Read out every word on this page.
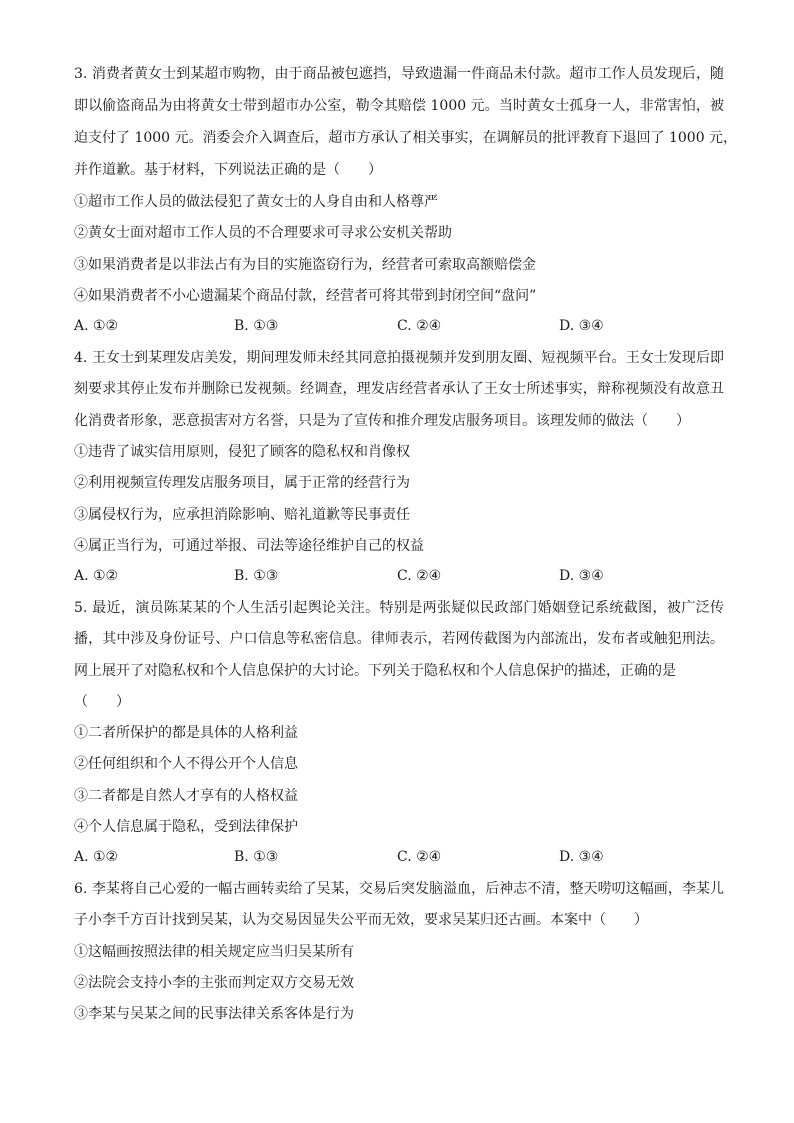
3. 消费者黄女士到某超市购物，由于商品被包遮挡，导致遗漏一件商品未付款。超市工作人员发现后，随
即以偷盗商品为由将黄女士带到超市办公室，勒令其赔偿 1000 元。当时黄女士孤身一人，非常害怕，被
迫支付了 1000 元。消委会介入调查后，超市方承认了相关事实，在调解员的批评教育下退回了 1000 元，
并作道歉。基于材料，下列说法正确的是（　　）
①超市工作人员的做法侵犯了黄女士的人身自由和人格尊严
②黄女士面对超市工作人员的不合理要求可寻求公安机关帮助
③如果消费者是以非法占有为目的实施盗窃行为，经营者可索取高额赔偿金
④如果消费者不小心遗漏某个商品付款，经营者可将其带到封闭空间“盘问”
A. ①②	B. ①③	C. ②④	D. ③④
4. 王女士到某理发店美发，期间理发师未经其同意拍摄视频并发到朋友圈、短视频平台。王女士发现后即
刻要求其停止发布并删除已发视频。经调查，理发店经营者承认了王女士所述事实，辩称视频没有故意丑
化消费者形象，恶意损害对方名誉，只是为了宣传和推介理发店服务项目。该理发师的做法（　　）
①违背了诚实信用原则，侵犯了顾客的隐私权和肖像权
②利用视频宣传理发店服务项目，属于正常的经营行为
③属侵权行为，应承担消除影响、赔礼道歉等民事责任
④属正当行为，可通过举报、司法等途径维护自己的权益
A. ①②	B. ①③	C. ②④	D. ③④
5. 最近，演员陈某某的个人生活引起舆论关注。特别是两张疑似民政部门婚姻登记系统截图，被广泛传
播，其中涉及身份证号、户口信息等私密信息。律师表示，若网传截图为内部流出，发布者或触犯刑法。
网上展开了对隐私权和个人信息保护的大讨论。下列关于隐私权和个人信息保护的描述，正确的是
（　　）
①二者所保护的都是具体的人格利益
②任何组织和个人不得公开个人信息
③二者都是自然人才享有的人格权益
④个人信息属于隐私，受到法律保护
A. ①②	B. ①③	C. ②④	D. ③④
6. 李某将自己心爱的一幅古画转卖给了吴某，交易后突发脑溢血，后神志不清，整天唠叨这幅画，李某儿
子小李千方百计找到吴某，认为交易因显失公平而无效，要求吴某归还古画。本案中（　　）
①这幅画按照法律的相关规定应当归吴某所有
②法院会支持小李的主张而判定双方交易无效
③李某与吴某之间的民事法律关系客体是行为
